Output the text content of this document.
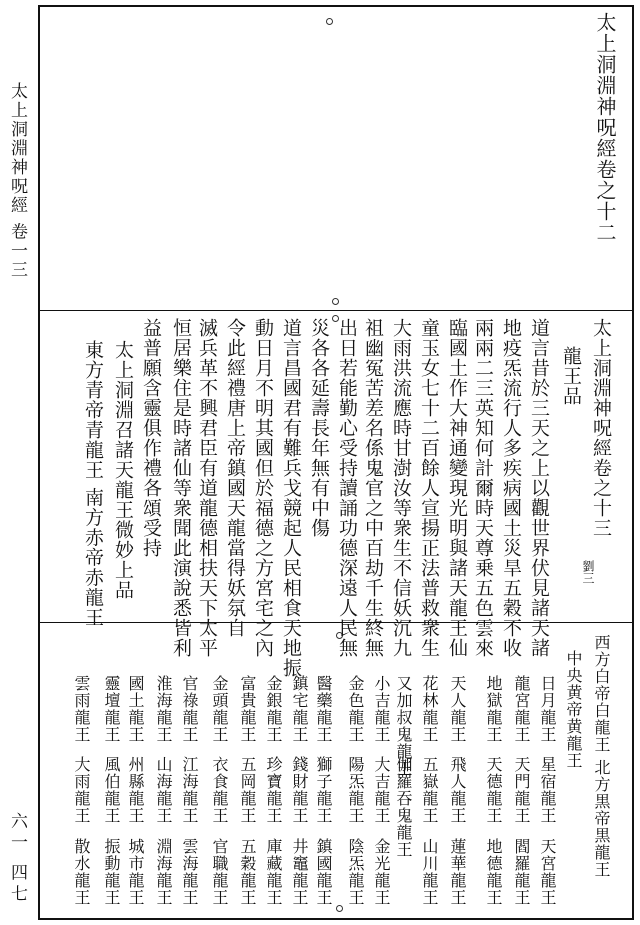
太上洞淵神呪經 卷一三
六一 四七
太上洞淵神呪經卷之十二
太上洞淵神呪經卷之十三
龍王品
道言昔於三天之上以觀世界伏見諸天諸
地疫炁流行人多疾病國土災旱五穀不收
兩兩二三英知何計爾時天尊乗五色雲來
臨國土作大神通變現光明與諸天龍王仙
童玉女七十二百餘人宣揚正法普救衆生
大雨洪流應時甘澍汝等衆生不信妖沉九
祖幽冤苦差名係鬼官之中百劫千生終無
出日若能勤心受持讀誦功德深遠人民無
災各各延壽長年無有中傷
道言昌國君有難兵戈競起人民相食天地振
動日月不明其國但於福德之方宮宅之內
令此經禮唐上帝鎮國天龍當得妖氛自
滅兵革不興君臣有道龍德相扶天下太平
恒居樂住是時諸仙等衆聞此演說悉皆利
益普願含靈俱作禮各頌受持
太上洞淵召諸天龍王微妙上品
東方青帝青龍王 南方赤帝赤龍王	劉三
西方白帝白龍王 北方黒帝黒龍王
中央黄帝黄龍王
日月龍王
星宿龍王
天宮龍王
龍宮龍王
天門龍王
閻羅龍王
地獄龍王
天德龍王
地德龍王
天人龍王
飛人龍王
蓮華龍王
花林龍王
五嶽龍王
山川龍王
又加叔鬼龍王
伽羅吞鬼龍王
小吉龍王
大吉龍王
金光龍王
金色龍王
陽炁龍王
陰炁龍王
醫藥龍王
獅子龍王
鎮國龍王
鎮宅龍王
錢財龍王
井竈龍王
金銀龍王
珍寶龍王
庫藏龍王
富貴龍王
五岡龍王
五穀龍王
金頭龍王
衣食龍王
官職龍王
官祿龍王
江海龍王
雲海龍王
淮海龍王
山海龍王
淵海龍王
國土龍王
州縣龍王
城市龍王
靈壇龍王
風伯龍王
振動龍王
雲雨龍王
大雨龍王
散水龍王
